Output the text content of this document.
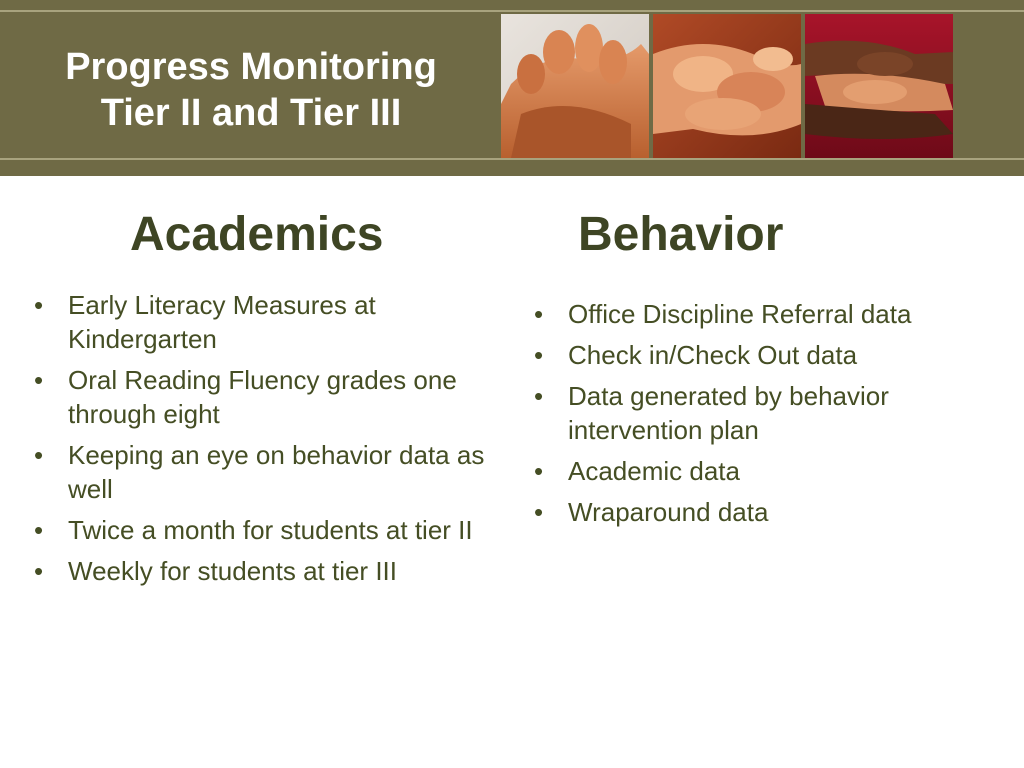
Progress Monitoring
Tier II and Tier III
Academics	Behavior
• Early Literacy Measures at Kindergarten
• Oral Reading Fluency grades one through eight
• Keeping an eye on behavior data as well
• Twice a month for students at tier II
• Weekly for students at tier III
• Office Discipline Referral data
• Check in/Check Out data
• Data generated by behavior intervention plan
• Academic data
• Wraparound data
